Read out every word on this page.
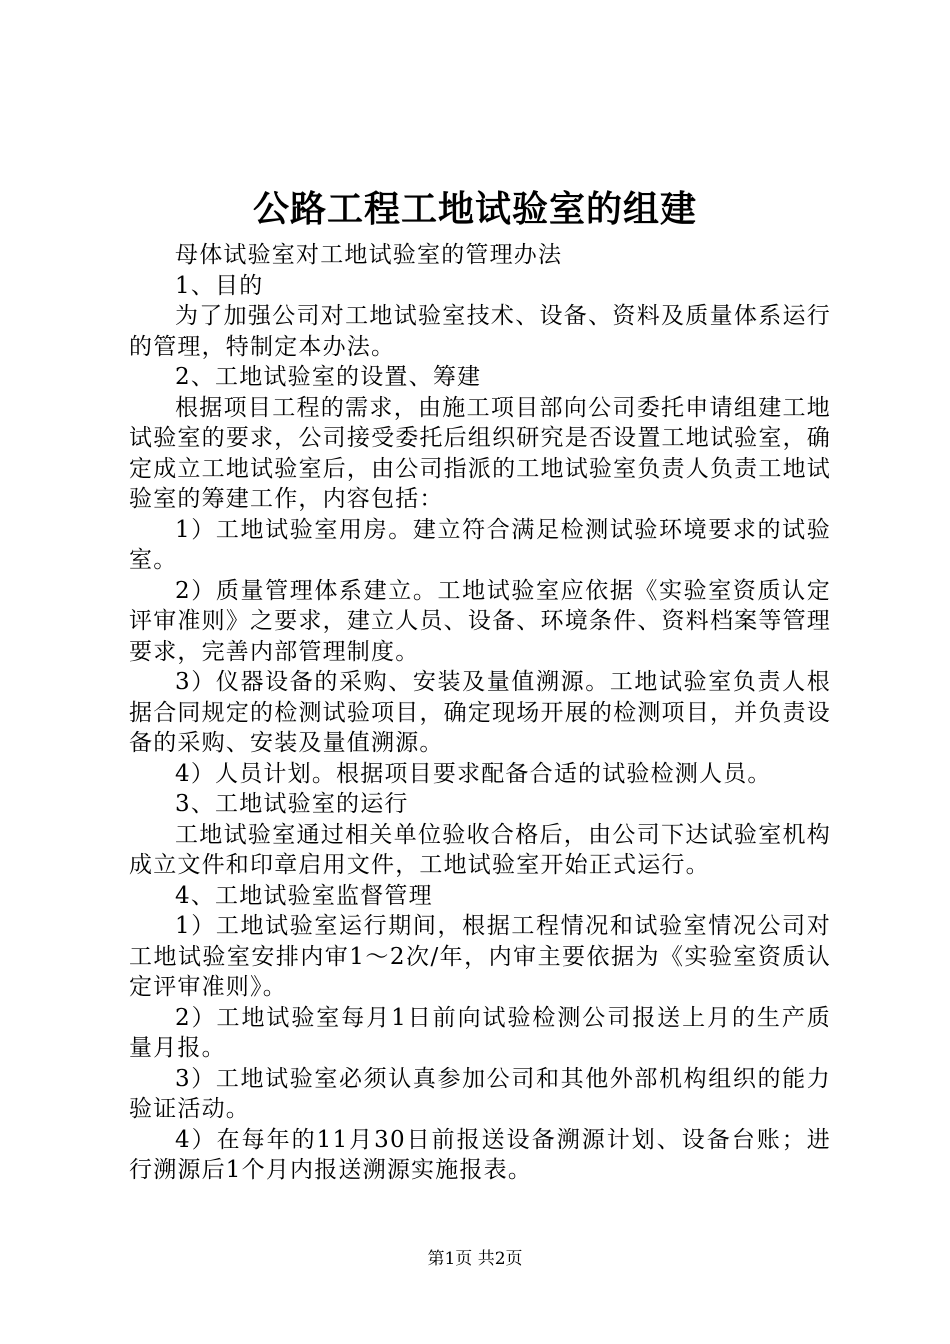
公路工程工地试验室的组建

母体试验室对工地试验室的管理办法

1、目的

为了加强公司对工地试验室技术、设备、资料及质量体系运行的管理，特制定本办法。

2、工地试验室的设置、筹建

根据项目工程的需求，由施工项目部向公司委托申请组建工地试验室的要求，公司接受委托后组织研究是否设置工地试验室，确定成立工地试验室后，由公司指派的工地试验室负责人负责工地试验室的筹建工作，内容包括：

1）工地试验室用房。建立符合满足检测试验环境要求的试验室。

2）质量管理体系建立。工地试验室应依据《实验室资质认定评审准则》之要求，建立人员、设备、环境条件、资料档案等管理要求，完善内部管理制度。

3）仪器设备的采购、安装及量值溯源。工地试验室负责人根据合同规定的检测试验项目，确定现场开展的检测项目，并负责设备的采购、安装及量值溯源。

4）人员计划。根据项目要求配备合适的试验检测人员。

3、工地试验室的运行

工地试验室通过相关单位验收合格后，由公司下达试验室机构成立文件和印章启用文件，工地试验室开始正式运行。

4、工地试验室监督管理

1）工地试验室运行期间，根据工程情况和试验室情况公司对工地试验室安排内审1～2次/年，内审主要依据为《实验室资质认定评审准则》。

2）工地试验室每月1日前向试验检测公司报送上月的生产质量月报。

3）工地试验室必须认真参加公司和其他外部机构组织的能力验证活动。

4）在每年的11月30日前报送设备溯源计划、设备台账；进行溯源后1个月内报送溯源实施报表。

第1页 共2页
